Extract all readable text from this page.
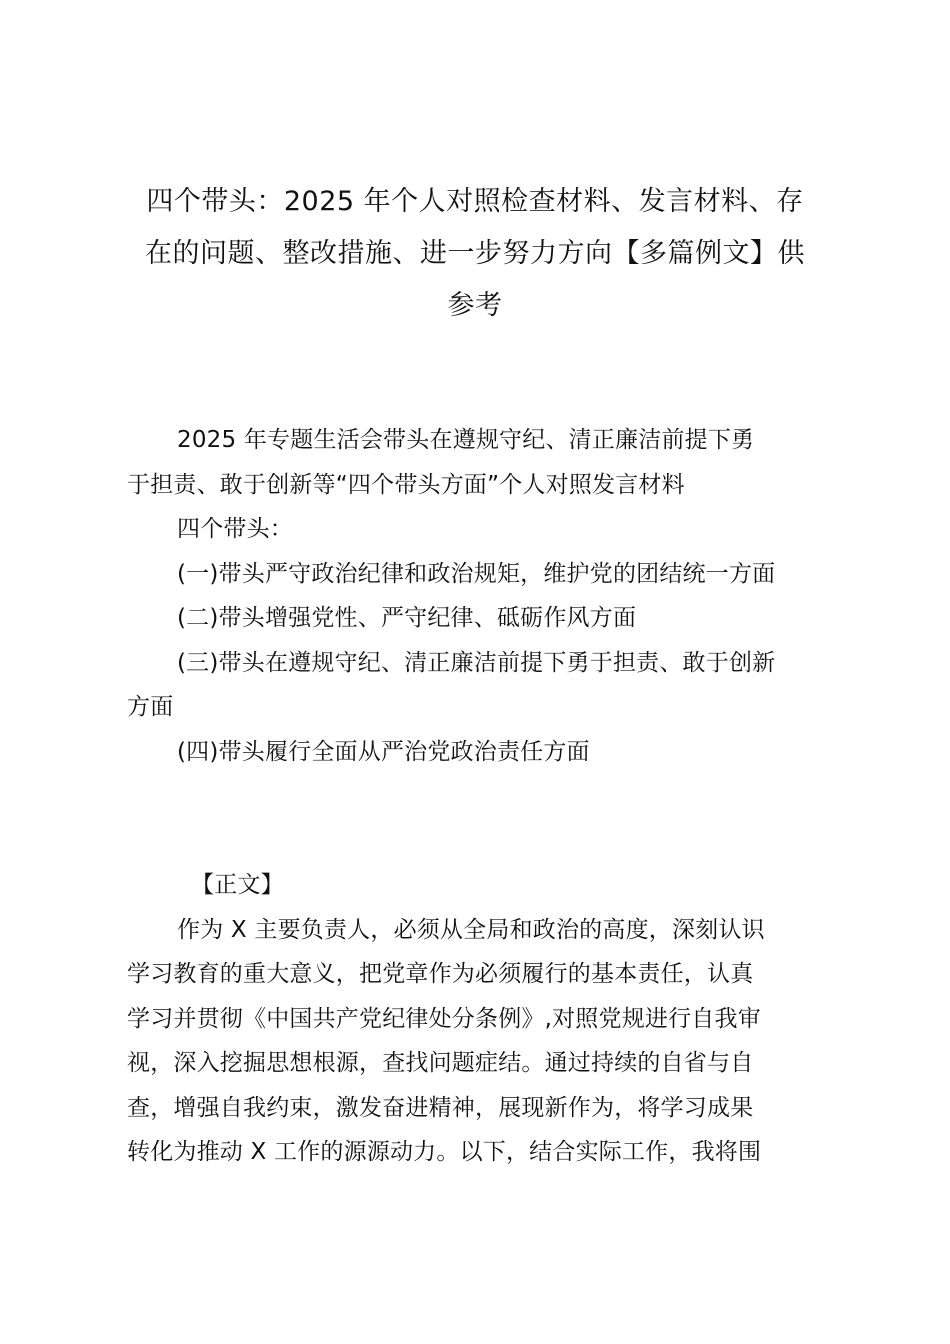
四个带头：2025 年个人对照检查材料、发言材料、存
在的问题、整改措施、进一步努力方向【多篇例文】供
参考
2025 年专题生活会带头在遵规守纪、清正廉洁前提下勇
于担责、敢于创新等“四个带头方面”个人对照发言材料
四个带头：
(一)带头严守政治纪律和政治规矩，维护党的团结统一方面
(二)带头增强党性、严守纪律、砥砺作风方面
(三)带头在遵规守纪、清正廉洁前提下勇于担责、敢于创新
方面
(四)带头履行全面从严治党政治责任方面
【正文】
作为 X 主要负责人，必须从全局和政治的高度，深刻认识
学习教育的重大意义，把党章作为必须履行的基本责任，认真
学习并贯彻《中国共产党纪律处分条例》,对照党规进行自我审
视，深入挖掘思想根源，查找问题症结。通过持续的自省与自
查，增强自我约束，激发奋进精神，展现新作为，将学习成果
转化为推动 X 工作的源源动力。以下，结合实际工作，我将围
